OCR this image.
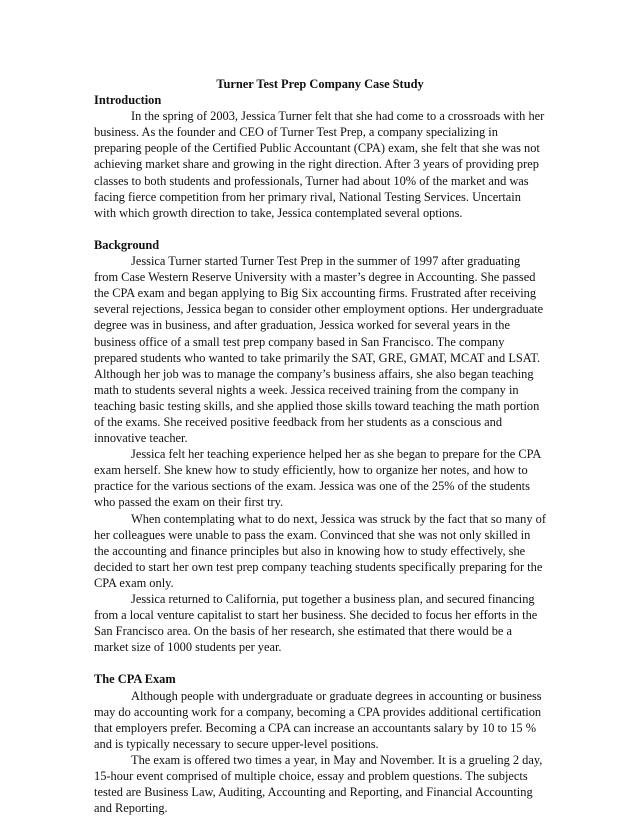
Turner Test Prep Company Case Study

Introduction

In the spring of 2003, Jessica Turner felt that she had come to a crossroads with her business. As the founder and CEO of Turner Test Prep, a company specializing in preparing people of the Certified Public Accountant (CPA) exam, she felt that she was not achieving market share and growing in the right direction. After 3 years of providing prep classes to both students and professionals, Turner had about 10% of the market and was facing fierce competition from her primary rival, National Testing Services. Uncertain with which growth direction to take, Jessica contemplated several options.

Background

Jessica Turner started Turner Test Prep in the summer of 1997 after graduating from Case Western Reserve University with a master’s degree in Accounting. She passed the CPA exam and began applying to Big Six accounting firms. Frustrated after receiving several rejections, Jessica began to consider other employment options. Her undergraduate degree was in business, and after graduation, Jessica worked for several years in the business office of a small test prep company based in San Francisco. The company prepared students who wanted to take primarily the SAT, GRE, GMAT, MCAT and LSAT. Although her job was to manage the company’s business affairs, she also began teaching math to students several nights a week. Jessica received training from the company in teaching basic testing skills, and she applied those skills toward teaching the math portion of the exams. She received positive feedback from her students as a conscious and innovative teacher.

Jessica felt her teaching experience helped her as she began to prepare for the CPA exam herself. She knew how to study efficiently, how to organize her notes, and how to practice for the various sections of the exam. Jessica was one of the 25% of the students who passed the exam on their first try.

When contemplating what to do next, Jessica was struck by the fact that so many of her colleagues were unable to pass the exam. Convinced that she was not only skilled in the accounting and finance principles but also in knowing how to study effectively, she decided to start her own test prep company teaching students specifically preparing for the CPA exam only.

Jessica returned to California, put together a business plan, and secured financing from a local venture capitalist to start her business. She decided to focus her efforts in the San Francisco area. On the basis of her research, she estimated that there would be a market size of 1000 students per year.

The CPA Exam

Although people with undergraduate or graduate degrees in accounting or business may do accounting work for a company, becoming a CPA provides additional certification that employers prefer. Becoming a CPA can increase an accountants salary by 10 to 15 % and is typically necessary to secure upper-level positions.

The exam is offered two times a year, in May and November. It is a grueling 2 day, 15-hour event comprised of multiple choice, essay and problem questions. The subjects tested are Business Law, Auditing, Accounting and Reporting, and Financial Accounting and Reporting.
